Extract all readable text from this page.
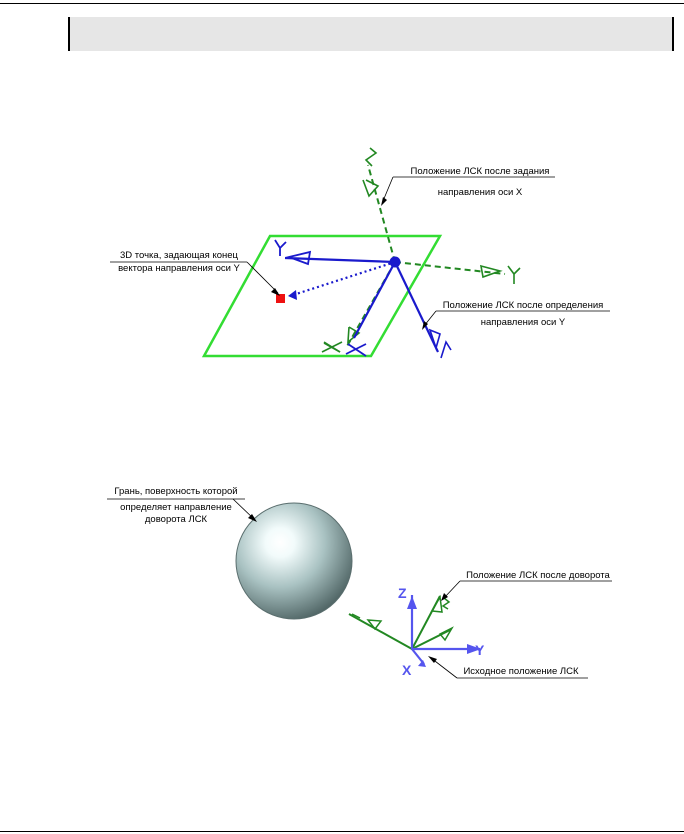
Положение ЛСК после задания
направления оси X
3D точка, задающая конец
вектора направления оси Y
Положение ЛСК после определения
направления оси Y
Грань, поверхность которой
определяет направление
доворота ЛСК
Z
Y
X
Положение ЛСК после доворота
Исходное положение ЛСК
